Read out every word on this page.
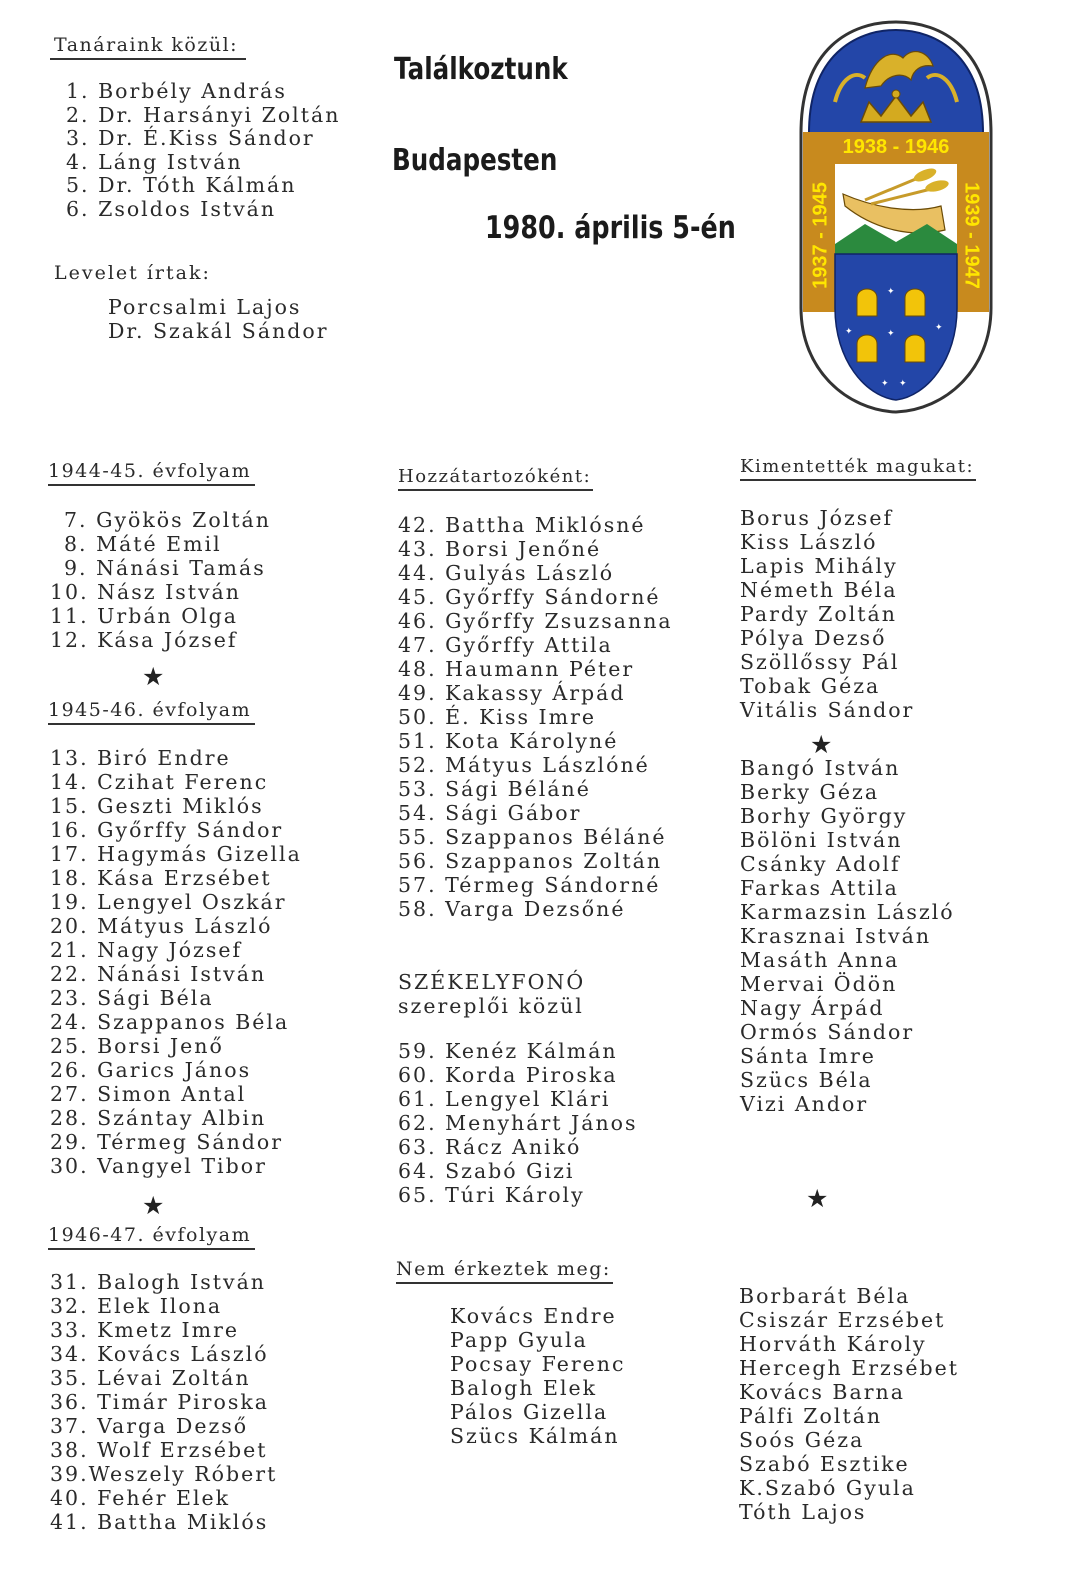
Találkoztunk
Budapesten
1980. április 5-én
✦
✦	✦
✦
✦ ✦
1938 - 1946
1937 - 1945	1939 - 1947
Tanáraink közül:
1. Borbély András
2. Dr. Harsányi Zoltán
3. Dr. É.Kiss Sándor
4. Láng István
5. Dr. Tóth Kálmán
6. Zsoldos István
Levelet írtak:
Porcsalmi Lajos
Dr. Szakál Sándor
1944-45. évfolyam
7. Gyökös Zoltán
8. Máté Emil
9. Nánási Tamás
10. Nász István
11. Urbán Olga
12. Kása József
★
1945-46. évfolyam
13. Biró Endre
14. Czihat Ferenc
15. Geszti Miklós
16. Győrffy Sándor
17. Hagymás Gizella
18. Kása Erzsébet
19. Lengyel Oszkár
20. Mátyus László
21. Nagy József
22. Nánási István
23. Sági Béla
24. Szappanos Béla
25. Borsi Jenő
26. Garics János
27. Simon Antal
28. Szántay Albin
29. Térmeg Sándor
30. Vangyel Tibor
★
1946-47. évfolyam
31. Balogh István
32. Elek Ilona
33. Kmetz Imre
34. Kovács László
35. Lévai Zoltán
36. Timár Piroska
37. Varga Dezső
38. Wolf Erzsébet
39.Weszely Róbert
40. Fehér Elek
41. Battha Miklós
Hozzátartozóként:
42. Battha Miklósné
43. Borsi Jenőné
44. Gulyás László
45. Győrffy Sándorné
46. Győrffy Zsuzsanna
47. Győrffy Attila
48. Haumann Péter
49. Kakassy Árpád
50. É. Kiss Imre
51. Kota Károlyné
52. Mátyus Lászlóné
53. Sági Béláné
54. Sági Gábor
55. Szappanos Béláné
56. Szappanos Zoltán
57. Térmeg Sándorné
58. Varga Dezsőné
SZÉKELYFONÓ
szereplői közül
59. Kenéz Kálmán
60. Korda Piroska
61. Lengyel Klári
62. Menyhárt János
63. Rácz Anikó
64. Szabó Gizi
65. Túri Károly
Nem érkeztek meg:
Kovács Endre
Papp Gyula
Pocsay Ferenc
Balogh Elek
Pálos Gizella
Szücs Kálmán
Borbarát Béla
Csiszár Erzsébet
Horváth Károly
Hercegh Erzsébet
Kovács Barna
Pálfi Zoltán
Soós Géza
Szabó Esztike
K.Szabó Gyula
Tóth Lajos
Kimentették magukat:
Borus József
Kiss László
Lapis Mihály
Németh Béla
Pardy Zoltán
Pólya Dezső
Szöllőssy Pál
Tobak Géza
Vitális Sándor
★
Bangó István
Berky Géza
Borhy György
Bölöni István
Csánky Adolf
Farkas Attila
Karmazsin László
Krasznai István
Masáth Anna
Mervai Ödön
Nagy Árpád
Ormós Sándor
Sánta Imre
Szücs Béla
Vizi Andor
★
